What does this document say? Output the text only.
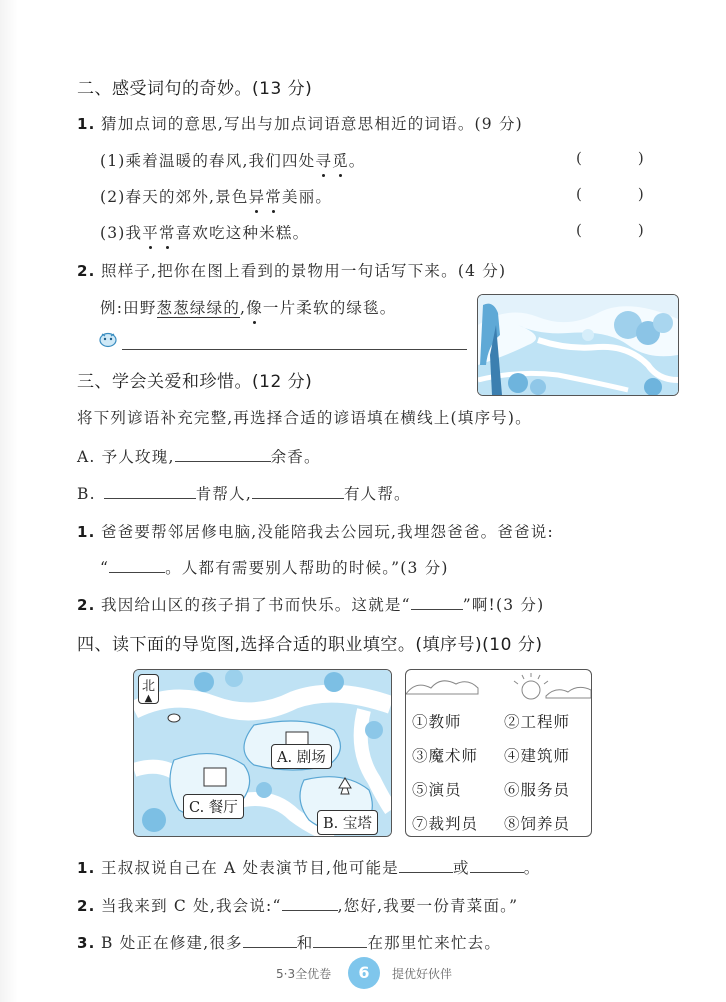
二、感受词句的奇妙。(13 分)
1. 猜加点词的意思,写出与加点词语意思相近的词语。(9 分)
(1)乘着温暖的春风,我们四处寻觅。	(	)
(2)春天的郊外,景色异常美丽。	(	)
(3)我平常喜欢吃这种米糕。	(	)
2. 照样子,把你在图上看到的景物用一句话写下来。(4 分)
例:田野葱葱绿绿的,像一片柔软的绿毯。
三、学会关爱和珍惜。(12 分)
将下列谚语补充完整,再选择合适的谚语填在横线上(填序号)。
A. 予人玫瑰,	余香。
B.	肯帮人,	有人帮。
1. 爸爸要帮邻居修电脑,没能陪我去公园玩,我埋怨爸爸。爸爸说:
“	。人都有需要别人帮助的时候。”(3 分)
2. 我因给山区的孩子捐了书而快乐。这就是“	”啊!(3 分)
四、读下面的导览图,选择合适的职业填空。(填序号)(10 分)
北
▲
A. 剧场
C. 餐厅
B. 宝塔
①教师	②工程师
③魔术师 ④建筑师
⑤演员	⑥服务员
⑦裁判员 ⑧饲养员
1. 王叔叔说自己在 A 处表演节目,他可能是	或	。
2. 当我来到 C 处,我会说:“	,您好,我要一份青菜面。”
3. B 处正在修建,很多	和	在那里忙来忙去。
5·3全优卷	6	提优好伙伴
